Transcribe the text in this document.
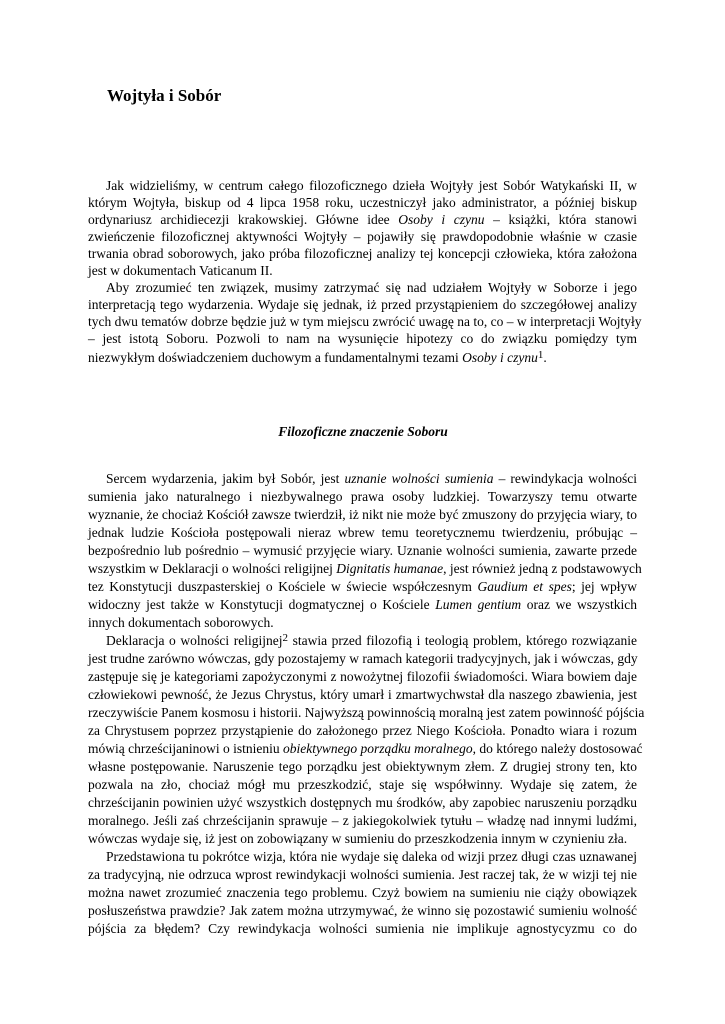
Wojtyła i Sobór
Jak widzieliśmy, w centrum całego filozoficznego dzieła Wojtyły jest Sobór Watykański II, w
którym Wojtyła, biskup od 4 lipca 1958 roku, uczestniczył jako administrator, a później biskup
ordynariusz archidiecezji krakowskiej. Główne idee Osoby i czynu – książki, która stanowi
zwieńczenie filozoficznej aktywności Wojtyły – pojawiły się prawdopodobnie właśnie w czasie
trwania obrad soborowych, jako próba filozoficznej analizy tej koncepcji człowieka, która założona
jest w dokumentach Vaticanum II.
Aby zrozumieć ten związek, musimy zatrzymać się nad udziałem Wojtyły w Soborze i jego
interpretacją tego wydarzenia. Wydaje się jednak, iż przed przystąpieniem do szczegółowej analizy
tych dwu tematów dobrze będzie już w tym miejscu zwrócić uwagę na to, co – w interpretacji Wojtyły
– jest istotą Soboru. Pozwoli to nam na wysunięcie hipotezy co do związku pomiędzy tym
niezwykłym doświadczeniem duchowym a fundamentalnymi tezami Osoby i czynu$^1$.
Filozoficzne znaczenie Soboru
Sercem wydarzenia, jakim był Sobór, jest uznanie wolności sumienia – rewindykacja wolności
sumienia jako naturalnego i niezbywalnego prawa osoby ludzkiej. Towarzyszy temu otwarte
wyznanie, że chociaż Kościół zawsze twierdził, iż nikt nie może być zmuszony do przyjęcia wiary, to
jednak ludzie Kościoła postępowali nieraz wbrew temu teoretycznemu twierdzeniu, próbując –
bezpośrednio lub pośrednio – wymusić przyjęcie wiary. Uznanie wolności sumienia, zawarte przede
wszystkim w Deklaracji o wolności religijnej Dignitatis humanae, jest również jedną z podstawowych
tez Konstytucji duszpasterskiej o Kościele w świecie współczesnym Gaudium et spes; jej wpływ
widoczny jest także w Konstytucji dogmatycznej o Kościele Lumen gentium oraz we wszystkich
innych dokumentach soborowych.
Deklaracja o wolności religijnej$^2$ stawia przed filozofią i teologią problem, którego rozwiązanie
jest trudne zarówno wówczas, gdy pozostajemy w ramach kategorii tradycyjnych, jak i wówczas, gdy
zastępuje się je kategoriami zapożyczonymi z nowożytnej filozofii świadomości. Wiara bowiem daje
człowiekowi pewność, że Jezus Chrystus, który umarł i zmartwychwstał dla naszego zbawienia, jest
rzeczywiście Panem kosmosu i historii. Najwyższą powinnością moralną jest zatem powinność pójścia
za Chrystusem poprzez przystąpienie do założonego przez Niego Kościoła. Ponadto wiara i rozum
mówią chrześcijaninowi o istnieniu obiektywnego porządku moralnego, do którego należy dostosować
własne postępowanie. Naruszenie tego porządku jest obiektywnym złem. Z drugiej strony ten, kto
pozwala na zło, chociaż mógł mu przeszkodzić, staje się współwinny. Wydaje się zatem, że
chrześcijanin powinien użyć wszystkich dostępnych mu środków, aby zapobiec naruszeniu porządku
moralnego. Jeśli zaś chrześcijanin sprawuje – z jakiegokolwiek tytułu – władzę nad innymi ludźmi,
wówczas wydaje się, iż jest on zobowiązany w sumieniu do przeszkodzenia innym w czynieniu zła.
Przedstawiona tu pokrótce wizja, która nie wydaje się daleka od wizji przez długi czas uznawanej
za tradycyjną, nie odrzuca wprost rewindykacji wolności sumienia. Jest raczej tak, że w wizji tej nie
można nawet zrozumieć znaczenia tego problemu. Czyż bowiem na sumieniu nie ciąży obowiązek
posłuszeństwa prawdzie? Jak zatem można utrzymywać, że winno się pozostawić sumieniu wolność
pójścia za błędem? Czy rewindykacja wolności sumienia nie implikuje agnostycyzmu co do
